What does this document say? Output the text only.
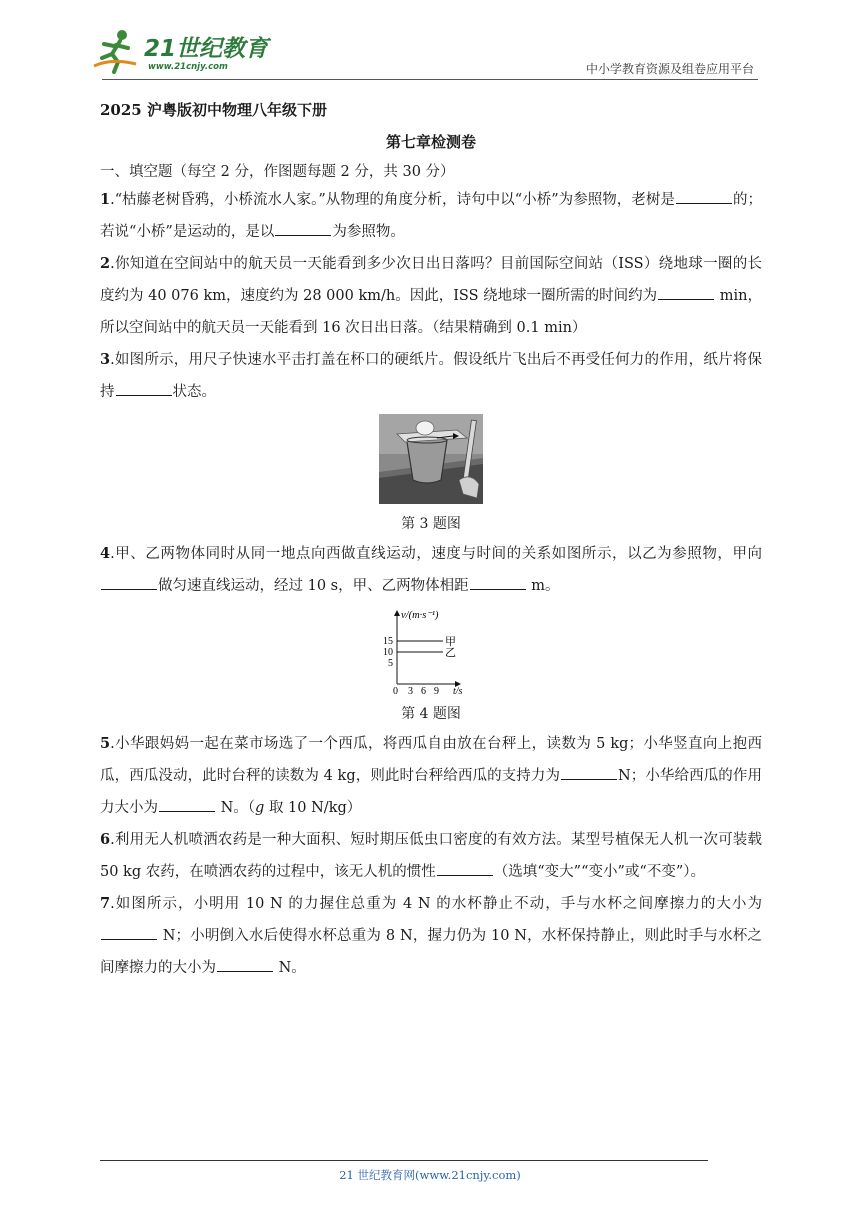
21世纪教育
www.21cnjy.com	中小学教育资源及组卷应用平台

2025 沪粤版初中物理八年级下册

第七章检测卷

一、填空题（每空 2 分，作图题每题 2 分，共 30 分）

1.“枯藤老树昏鸦，小桥流水人家。”从物理的角度分析，诗句中以“小桥”为参照物，老树是	的；若说“小桥”是运动的，是以	为参照物。

2.你知道在空间站中的航天员一天能看到多少次日出日落吗？目前国际空间站（ISS）绕地球一圈的长度约为 40 076 km，速度约为 28 000 km/h。因此，ISS 绕地球一圈所需的时间约为	min，所以空间站中的航天员一天能看到 16 次日出日落。（结果精确到 0.1 min）

3.如图所示，用尺子快速水平击打盖在杯口的硬纸片。假设纸片飞出后不再受任何力的作用，纸片将保持	状态。

第 3 题图

4.甲、乙两物体同时从同一地点向西做直线运动，速度与时间的关系如图所示，以乙为参照物，甲向做匀速直线运动，经过 10 s，甲、乙两物体相距	m。

v/(m·s⁻¹)
15
10
5
甲
乙
0 3 6 9 t/s

第 4 题图

5.小华跟妈妈一起在菜市场选了一个西瓜，将西瓜自由放在台秤上，读数为 5 kg；小华竖直向上抱西瓜，西瓜没动，此时台秤的读数为 4 kg，则此时台秤给西瓜的支持力为	N；小华给西瓜的作用力大小为	N。（g 取 10 N/kg）

6.利用无人机喷洒农药是一种大面积、短时期压低虫口密度的有效方法。某型号植保无人机一次可装载 50 kg 农药，在喷洒农药的过程中，该无人机的惯性	（选填“变大”“变小”或“不变”）。

7.如图所示，小明用 10 N 的力握住总重为 4 N 的水杯静止不动，手与水杯之间摩擦力的大小为 N；小明倒入水后使得水杯总重为 8 N，握力仍为 10 N，水杯保持静止，则此时手与水杯之间摩擦力的大小为	N。

21 世纪教育网(www.21cnjy.com)
